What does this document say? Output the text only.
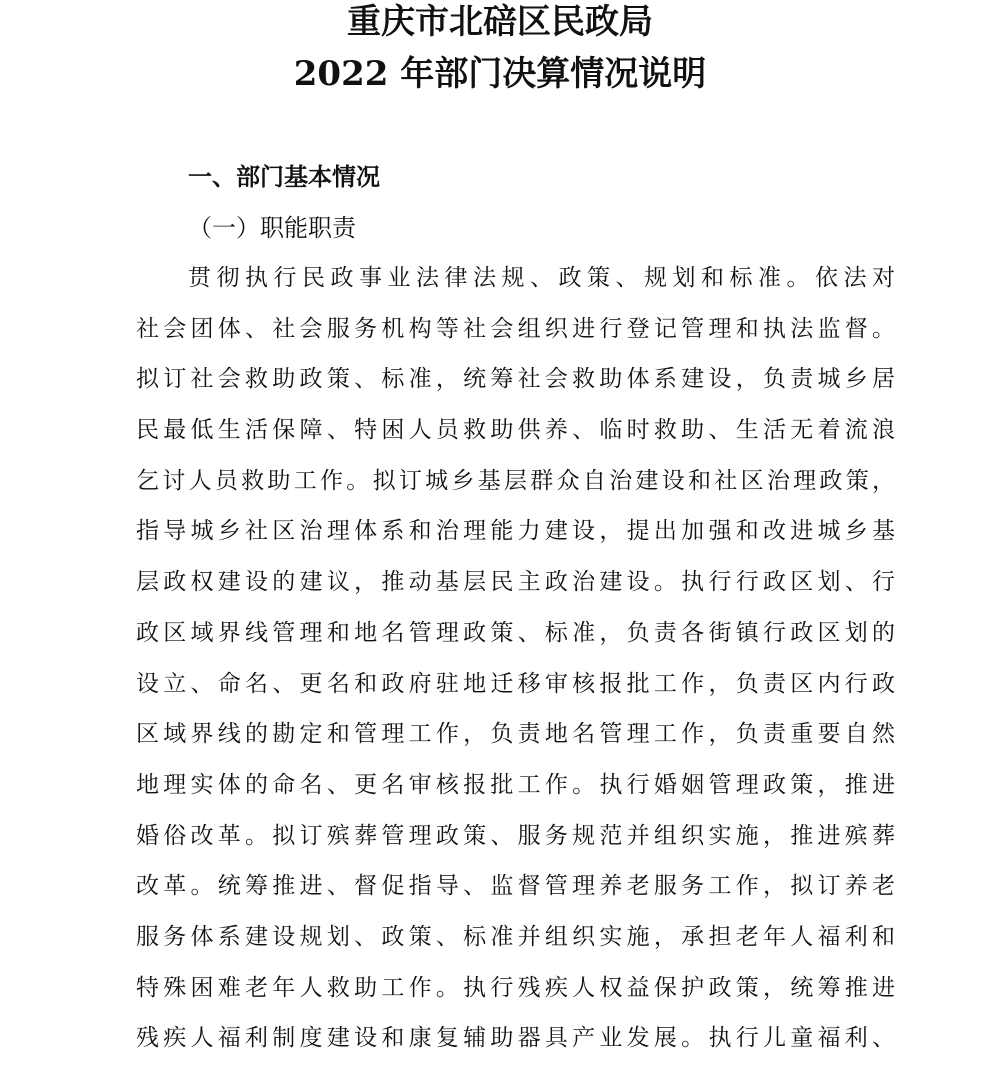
重庆市北碚区民政局
2022 年部门决算情况说明
一、部门基本情况
（一）职能职责
贯彻执行民政事业法律法规、政策、规划和标准。依法对
社会团体、社会服务机构等社会组织进行登记管理和执法监督。
拟订社会救助政策、标准，统筹社会救助体系建设，负责城乡居
民最低生活保障、特困人员救助供养、临时救助、生活无着流浪
乞讨人员救助工作。拟订城乡基层群众自治建设和社区治理政策，
指导城乡社区治理体系和治理能力建设，提出加强和改进城乡基
层政权建设的建议，推动基层民主政治建设。执行行政区划、行
政区域界线管理和地名管理政策、标准，负责各街镇行政区划的
设立、命名、更名和政府驻地迁移审核报批工作，负责区内行政
区域界线的勘定和管理工作，负责地名管理工作，负责重要自然
地理实体的命名、更名审核报批工作。执行婚姻管理政策，推进
婚俗改革。拟订殡葬管理政策、服务规范并组织实施，推进殡葬
改革。统筹推进、督促指导、监督管理养老服务工作，拟订养老
服务体系建设规划、政策、标准并组织实施，承担老年人福利和
特殊困难老年人救助工作。执行残疾人权益保护政策，统筹推进
残疾人福利制度建设和康复辅助器具产业发展。执行儿童福利、
